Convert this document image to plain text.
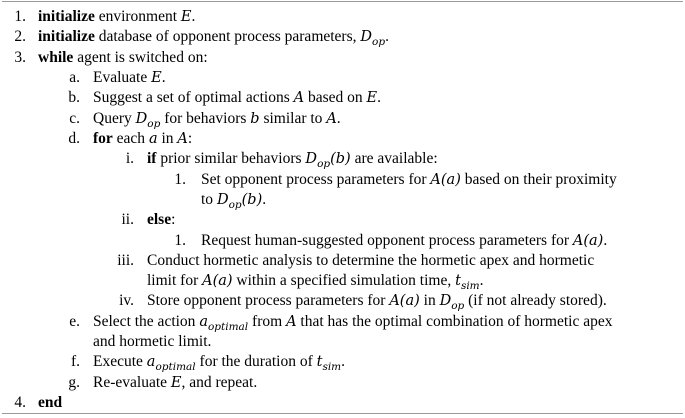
1. initialize environment E.
2. initialize database of opponent process parameters, $D_{op}$.
3. while agent is switched on:
a. Evaluate E.
b. Suggest a set of optimal actions A based on E.
c. Query $D_{op}$ for behaviors b similar to A.
d. for each a in A:
i. if prior similar behaviors $D_{op}(b)$ are available:
1. Set opponent process parameters for A(a) based on their proximity
to $D_{op}(b)$.
ii. else:
1. Request human-suggested opponent process parameters for A(a).
iii. Conduct hormetic analysis to determine the hormetic apex and hormetic
limit for A(a) within a specified simulation time, $t_{sim}$.
iv. Store opponent process parameters for A(a) in $D_{op}$ (if not already stored).
e. Select the action $a_{optimal}$ from A that has the optimal combination of hormetic apex
and hormetic limit.
f. Execute $a_{optimal}$ for the duration of $t_{sim}$.
g. Re-evaluate E, and repeat.
4. end
